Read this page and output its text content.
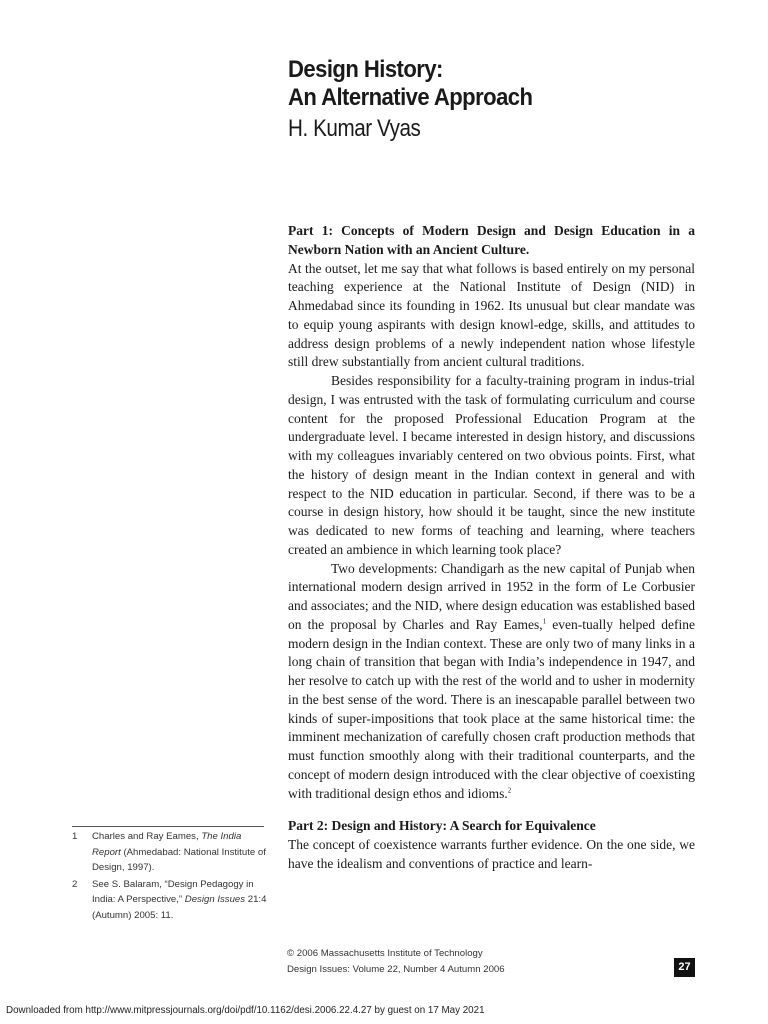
Design History:
An Alternative Approach
H. Kumar Vyas

Part 1: Concepts of Modern Design and Design Education in a Newborn Nation with an Ancient Culture.

At the outset, let me say that what follows is based entirely on my personal teaching experience at the National Institute of Design (NID) in Ahmedabad since its founding in 1962. Its unusual but clear mandate was to equip young aspirants with design knowl-edge, skills, and attitudes to address design problems of a newly independent nation whose lifestyle still drew substantially from ancient cultural traditions.

Besides responsibility for a faculty-training program in indus-trial design, I was entrusted with the task of formulating curriculum and course content for the proposed Professional Education Program at the undergraduate level. I became interested in design history, and discussions with my colleagues invariably centered on two obvious points. First, what the history of design meant in the Indian context in general and with respect to the NID education in particular. Second, if there was to be a course in design history, how should it be taught, since the new institute was dedicated to new forms of teaching and learning, where teachers created an ambience in which learning took place?

Two developments: Chandigarh as the new capital of Punjab when international modern design arrived in 1952 in the form of Le Corbusier and associates; and the NID, where design education was established based on the proposal by Charles and Ray Eames,$^1$ even-tually helped define modern design in the Indian context. These are only two of many links in a long chain of transition that began with India’s independence in 1947, and her resolve to catch up with the rest of the world and to usher in modernity in the best sense of the word. There is an inescapable parallel between two kinds of super-impositions that took place at the same historical time: the imminent mechanization of carefully chosen craft production methods that must function smoothly along with their traditional counterparts, and the concept of modern design introduced with the clear objective of coexisting with traditional design ethos and idioms.$^2$

Part 2: Design and History: A Search for Equivalence

The concept of coexistence warrants further evidence. On the one side, we have the idealism and conventions of practice and learn-

1	Charles and Ray Eames, The India Report (Ahmedabad: National Institute of Design, 1997).
2	See S. Balaram, “Design Pedagogy in India: A Perspective,” Design Issues 21:4 (Autumn) 2005: 11.
© 2006 Massachusetts Institute of Technology
Design Issues: Volume 22, Number 4 Autumn 2006	27
Downloaded from http://www.mitpressjournals.org/doi/pdf/10.1162/desi.2006.22.4.27 by guest on 17 May 2021
